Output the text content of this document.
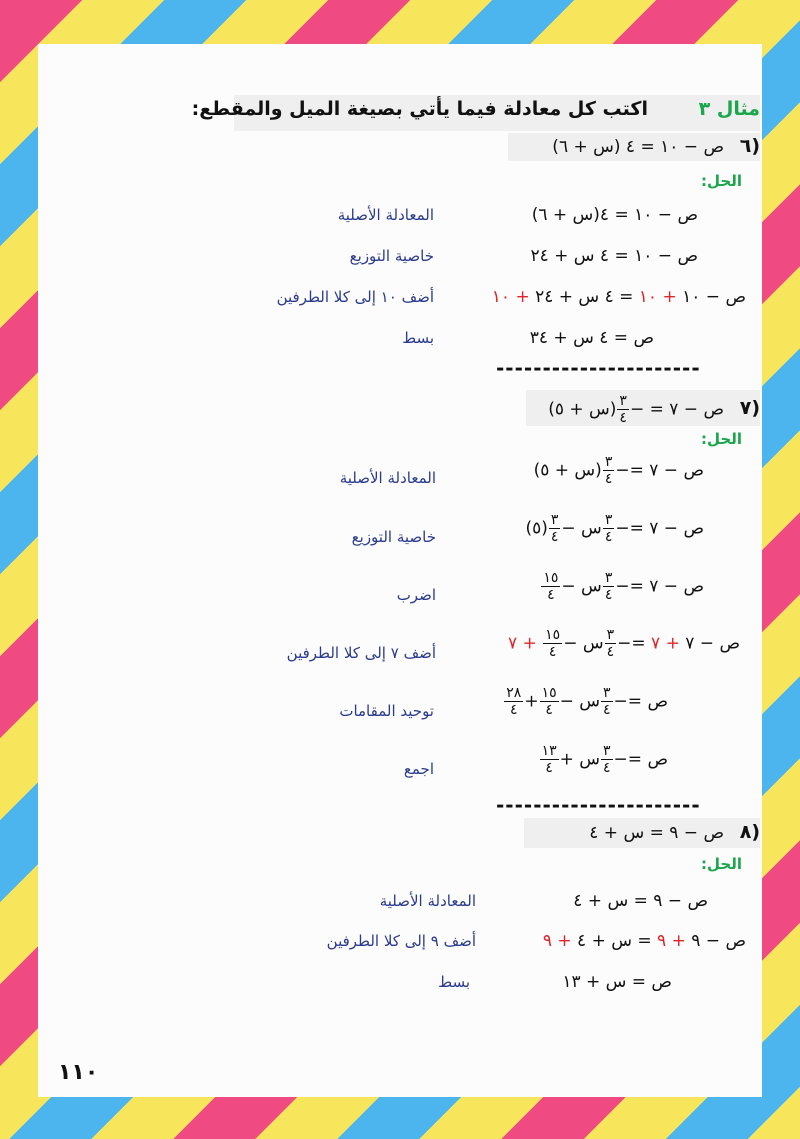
مثال ٣
اكتب كل معادلة فيما يأتي بصيغة الميل والمقطع:
٦)
ص − ١٠ = ٤ (س + ٦)
الحل:
ص − ١٠ = ٤(س + ٦)
المعادلة الأصلية
ص − ١٠ = ٤ س + ٢٤
خاصية التوزيع
ص − ١٠ + ١٠ = ٤ س + ٢٤ + ١٠
أضف ١٠ إلى كلا الطرفين
ص = ٤ س + ٣٤
بسط
----------------------
٧)
ص − ٧ = −
$\frac{٣}{٤}$
(س + ٥)
الحل:
ص − ٧ =−
$\frac{٣}{٤}$
(س + ٥)
المعادلة الأصلية
ص − ٧ =−
$\frac{٣}{٤}$
س −
$\frac{٣}{٤}$
(٥)
خاصية التوزيع
ص − ٧ =−
$\frac{٣}{٤}$
س −
$\frac{١٥}{٤}$
اضرب
ص − ٧ + ٧ =−
$\frac{٣}{٤}$
س −
$\frac{١٥}{٤}$
+ ٧
أضف ٧ إلى كلا الطرفين
ص =−
$\frac{٣}{٤}$
س −
$\frac{١٥}{٤}$
+
$\frac{٢٨}{٤}$
توحيد المقامات
ص =−
$\frac{٣}{٤}$
س +
$\frac{١٣}{٤}$
اجمع
----------------------
٨)
ص − ٩ = س + ٤
الحل:
ص − ٩ = س + ٤
المعادلة الأصلية
ص − ٩ + ٩ = س + ٤ + ٩
أضف ٩ إلى كلا الطرفين
ص = س + ١٣
بسط
١١٠
